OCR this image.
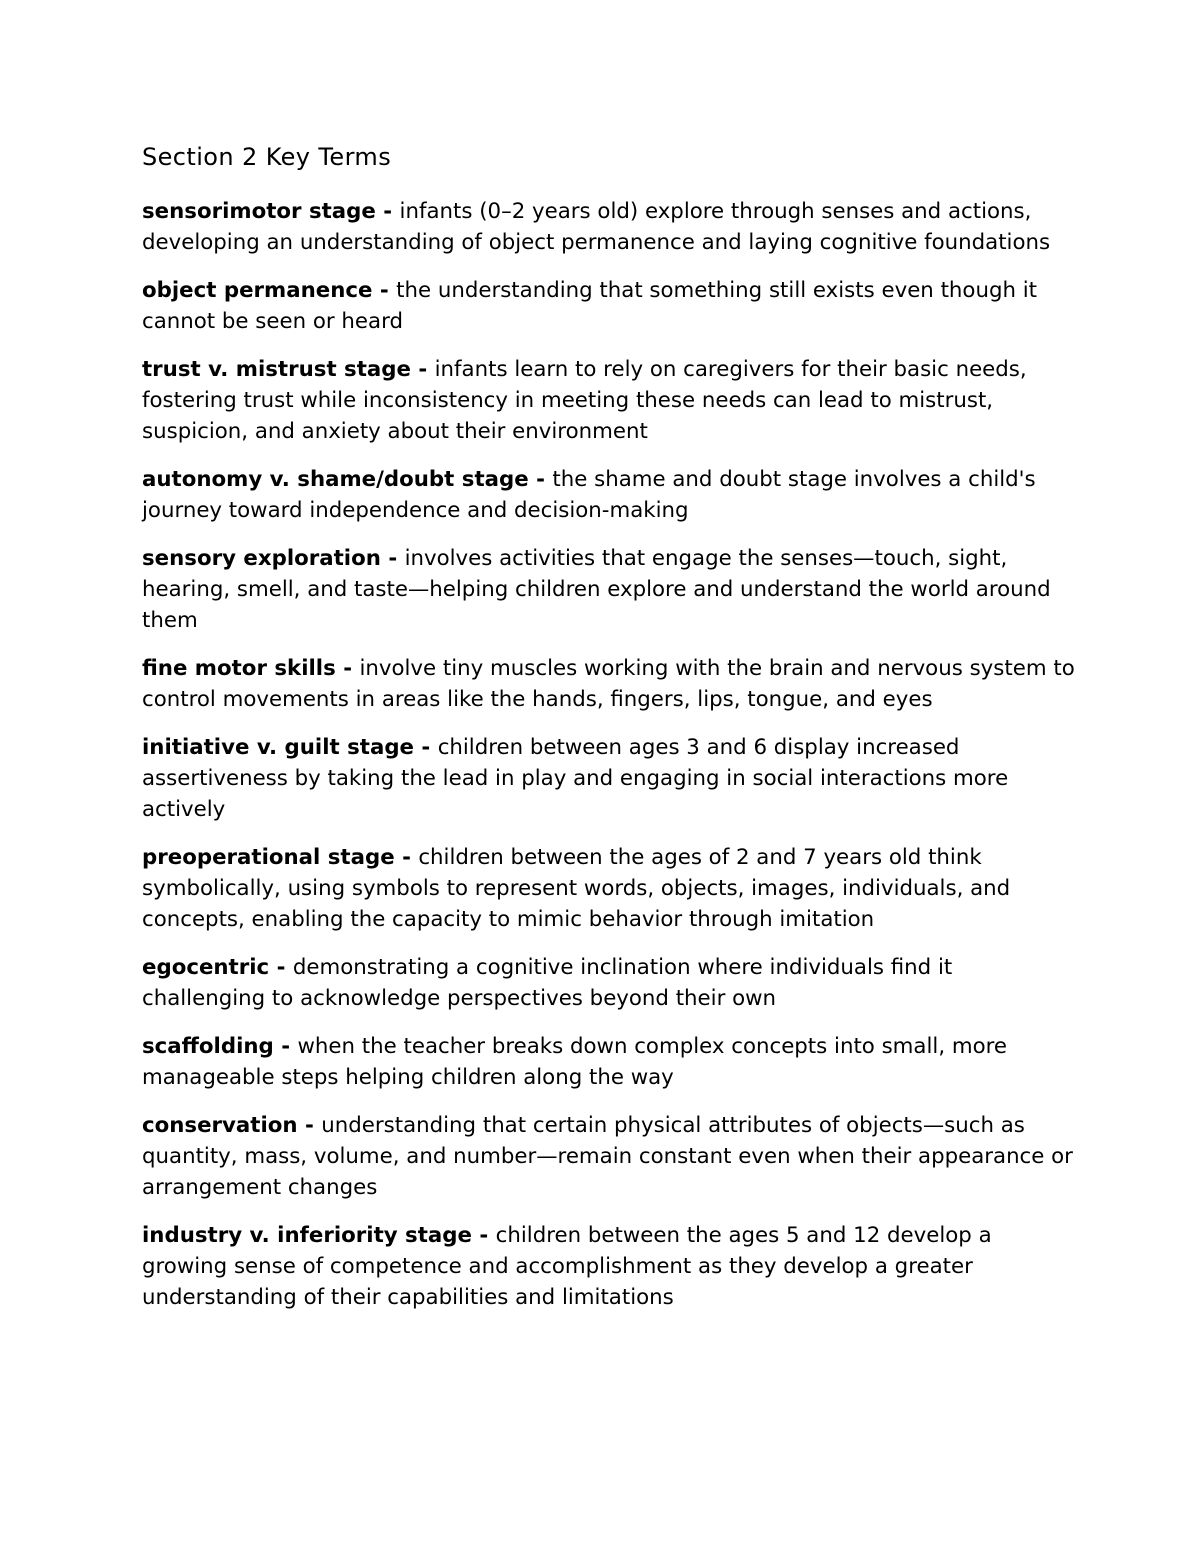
Section 2 Key Terms
sensorimotor stage - infants (0–2 years old) explore through senses and actions, developing an understanding of object permanence and laying cognitive foundations
object permanence - the understanding that something still exists even though it cannot be seen or heard
trust v. mistrust stage - infants learn to rely on caregivers for their basic needs, fostering trust while inconsistency in meeting these needs can lead to mistrust, suspicion, and anxiety about their environment
autonomy v. shame/doubt stage - the shame and doubt stage involves a child's journey toward independence and decision-making
sensory exploration - involves activities that engage the senses—touch, sight, hearing, smell, and taste—helping children explore and understand the world around them
fine motor skills - involve tiny muscles working with the brain and nervous system to control movements in areas like the hands, fingers, lips, tongue, and eyes
initiative v. guilt stage - children between ages 3 and 6 display increased assertiveness by taking the lead in play and engaging in social interactions more actively
preoperational stage - children between the ages of 2 and 7 years old think symbolically, using symbols to represent words, objects, images, individuals, and concepts, enabling the capacity to mimic behavior through imitation
egocentric - demonstrating a cognitive inclination where individuals find it challenging to acknowledge perspectives beyond their own
scaffolding - when the teacher breaks down complex concepts into small, more manageable steps helping children along the way
conservation - understanding that certain physical attributes of objects—such as quantity, mass, volume, and number—remain constant even when their appearance or arrangement changes
industry v. inferiority stage - children between the ages 5 and 12 develop a growing sense of competence and accomplishment as they develop a greater understanding of their capabilities and limitations
